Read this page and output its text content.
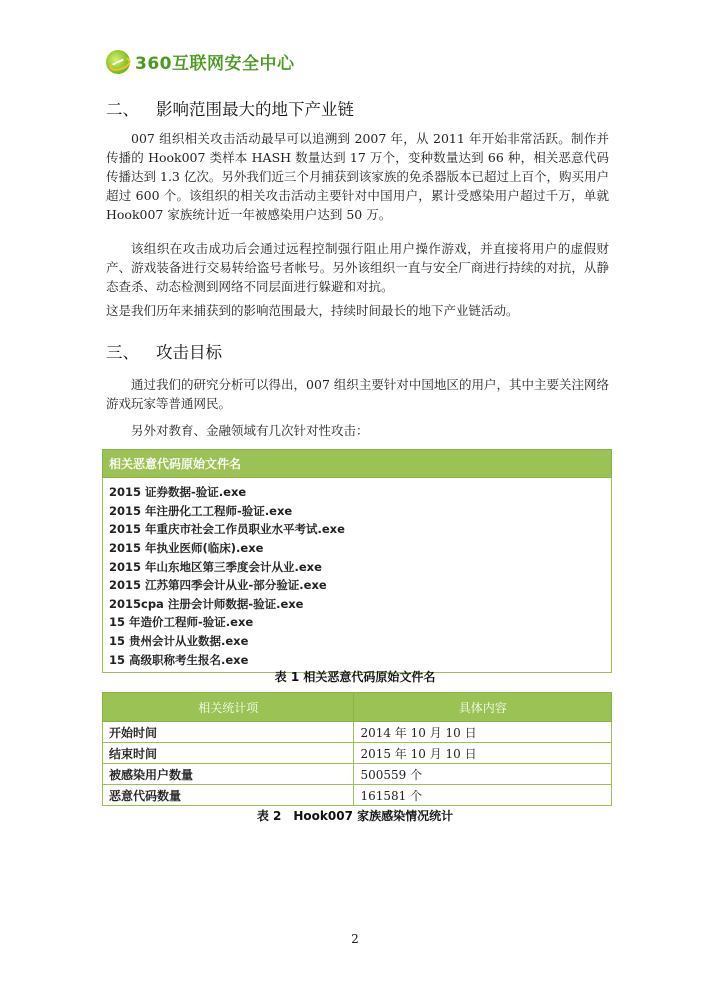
360互联网安全中心
二、 影响范围最大的地下产业链

007 组织相关攻击活动最早可以追溯到 2007 年，从 2011 年开始非常活跃。制作并传播的 Hook007 类样本 HASH 数量达到 17 万个，变种数量达到 66 种，相关恶意代码传播达到 1.3 亿次。另外我们近三个月捕获到该家族的免杀器版本已超过上百个，购买用户超过 600 个。该组织的相关攻击活动主要针对中国用户，累计受感染用户超过千万，单就 Hook007 家族统计近一年被感染用户达到 50 万。

该组织在攻击成功后会通过远程控制强行阻止用户操作游戏，并直接将用户的虚假财产、游戏装备进行交易转给盗号者帐号。另外该组织一直与安全厂商进行持续的对抗，从静态查杀、动态检测到网络不同层面进行躲避和对抗。

这是我们历年来捕获到的影响范围最大，持续时间最长的地下产业链活动。

三、 攻击目标

通过我们的研究分析可以得出，007 组织主要针对中国地区的用户，其中主要关注网络游戏玩家等普通网民。

另外对教育、金融领域有几次针对性攻击：

相关恶意代码原始文件名
2015 证券数据-验证.exe
2015 年注册化工工程师-验证.exe
2015 年重庆市社会工作员职业水平考试.exe
2015 年执业医师(临床).exe
2015 年山东地区第三季度会计从业.exe
2015 江苏第四季会计从业-部分验证.exe
2015cpa 注册会计师数据-验证.exe
15 年造价工程师-验证.exe
15 贵州会计从业数据.exe
15 高级职称考生报名.exe
表 1 相关恶意代码原始文件名
相关统计项	具体内容
开始时间	2014 年 10 月 10 日
结束时间	2015 年 10 月 10 日
被感染用户数量	500559 个
恶意代码数量	161581 个
表 2　Hook007 家族感染情况统计
2
